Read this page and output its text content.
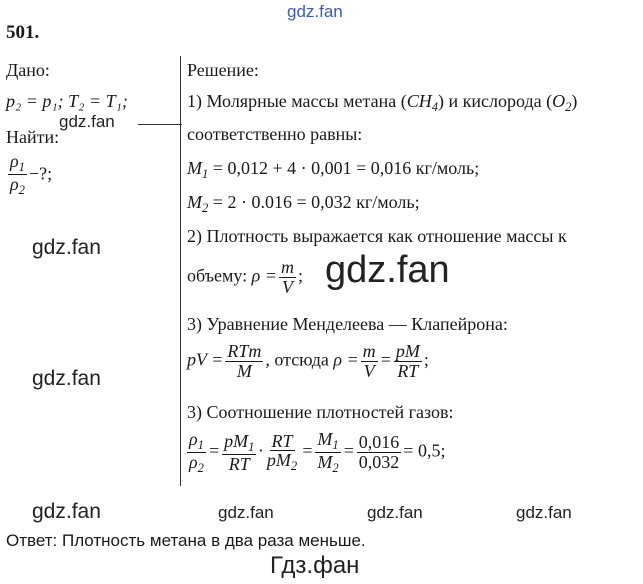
gdz.fan
gdz.fan
gdz.fan
gdz.fan
gdz.fan
gdz.fan	gdz.fan	gdz.fan	gdz.fan
Гдз.фан
501.
Дано:
p₂ = p₁; T₂ = T₁;
Найти:
$\frac{\rho_1}{\rho_2}$ −?;
Решение:
1) Молярные массы метана $(CH_4)$ и кислорода $(O_2)$
соответственно равны:
$M_1 = 0,012 + 4 \cdot 0,001 = 0,016$ кг/моль;
$M_2 = 2 \cdot 0.016 = 0,032$ кг/моль;
2) Плотность выражается как отношение массы к
объему: $\rho = \frac{m}{V}$ ;
3) Уравнение Менделеева — Клапейрона:
pV = $\frac{\text{RTm}}{M}$ , отсюда $\rho = \frac{m}{V} = \frac{pM}{RT}$ ;
3) Соотношение плотностей газов:
$\frac{\rho_1}{\rho_2} = \frac{pM_1}{RT} \cdot \frac{RT}{pM_2} = \frac{M_1}{M_2} = \frac{0,016}{0,032} = 0,5$;
Ответ: Плотность метана в два раза меньше.
